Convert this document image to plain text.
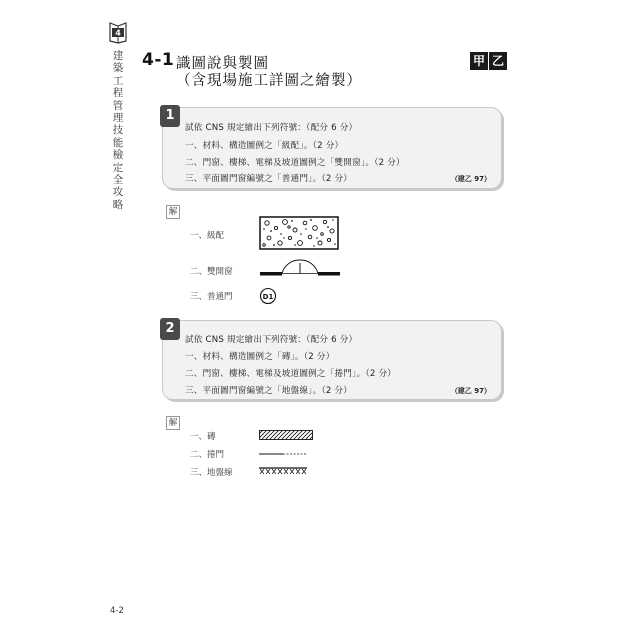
4
建築工程管理技能檢定全攻略
4-1 識圖說與製圖
（含現場施工詳圖之繪製）
甲 乙
1
試依 CNS 規定繪出下列符號：（配分 6 分）
一、材料、構造圖例之「級配」。（2 分）
二、門窗、樓梯、電梯及坡道圖例之「雙開窗」。（2 分）
三、平面圖門窗編號之「普通門」。（2 分）	（建乙 97）
解
一、級配
二、雙開窗
三、普通門	D1
2
試依 CNS 規定繪出下列符號：（配分 6 分）
一、材料、構造圖例之「磚」。（2 分）
二、門窗、樓梯、電梯及坡道圖例之「捲門」。（2 分）
三、平面圖門窗編號之「地盤線」。（2 分）	（建乙 97）
解
一、磚
二、捲門
三、地盤線
4-2
